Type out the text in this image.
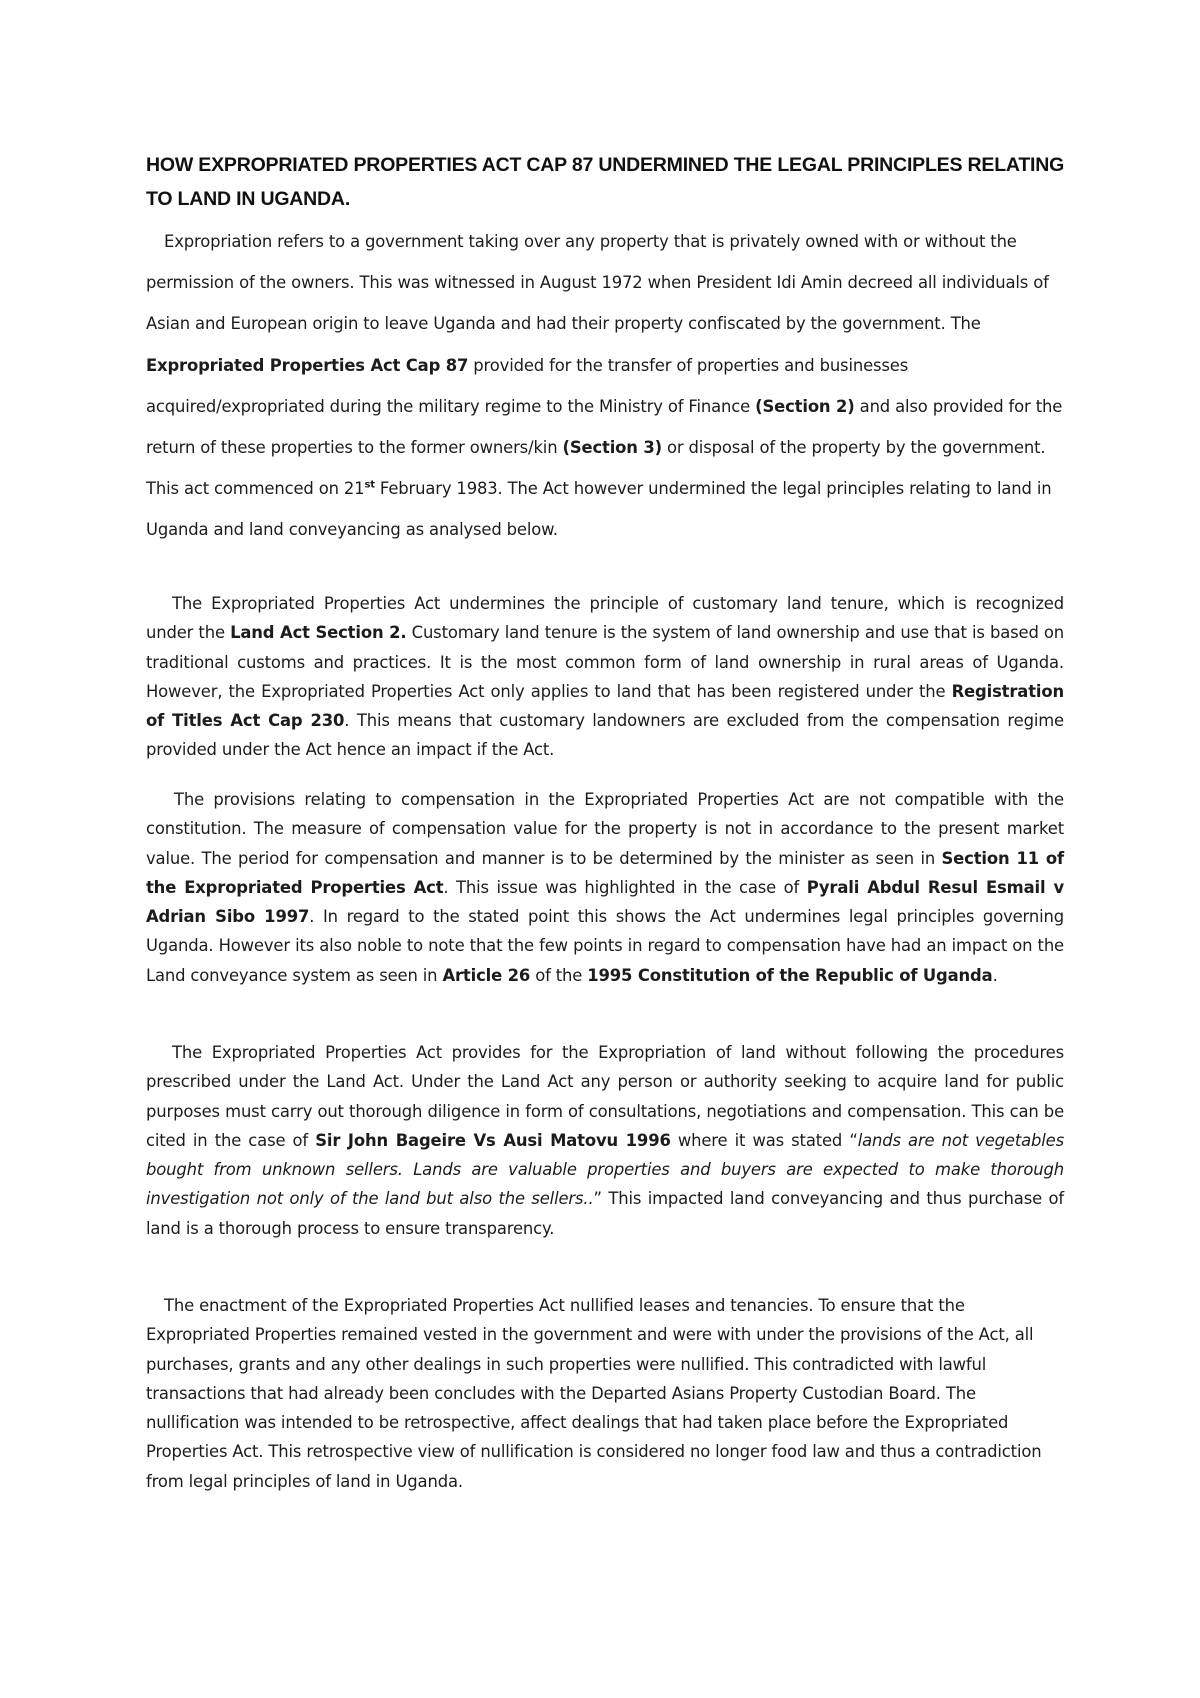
HOW EXPROPRIATED PROPERTIES ACT CAP 87 UNDERMINED THE LEGAL PRINCIPLES RELATING TO LAND IN UGANDA.

Expropriation refers to a government taking over any property that is privately owned with or without the permission of the owners. This was witnessed in August 1972 when President Idi Amin decreed all individuals of Asian and European origin to leave Uganda and had their property confiscated by the government. The Expropriated Properties Act Cap 87 provided for the transfer of properties and businesses acquired/expropriated during the military regime to the Ministry of Finance (Section 2) and also provided for the return of these properties to the former owners/kin (Section 3) or disposal of the property by the government. This act commenced on 21st February 1983. The Act however undermined the legal principles relating to land in Uganda and land conveyancing as analysed below.

The Expropriated Properties Act undermines the principle of customary land tenure, which is recognized under the Land Act Section 2. Customary land tenure is the system of land ownership and use that is based on traditional customs and practices. It is the most common form of land ownership in rural areas of Uganda. However, the Expropriated Properties Act only applies to land that has been registered under the Registration of Titles Act Cap 230. This means that customary landowners are excluded from the compensation regime provided under the Act hence an impact if the Act.

The provisions relating to compensation in the Expropriated Properties Act are not compatible with the constitution. The measure of compensation value for the property is not in accordance to the present market value. The period for compensation and manner is to be determined by the minister as seen in Section 11 of the Expropriated Properties Act. This issue was highlighted in the case of Pyrali Abdul Resul Esmail v Adrian Sibo 1997. In regard to the stated point this shows the Act undermines legal principles governing Uganda. However its also noble to note that the few points in regard to compensation have had an impact on the Land conveyance system as seen in Article 26 of the 1995 Constitution of the Republic of Uganda.

The Expropriated Properties Act provides for the Expropriation of land without following the procedures prescribed under the Land Act. Under the Land Act any person or authority seeking to acquire land for public purposes must carry out thorough diligence in form of consultations, negotiations and compensation. This can be cited in the case of Sir John Bageire Vs Ausi Matovu 1996 where it was stated “lands are not vegetables bought from unknown sellers. Lands are valuable properties and buyers are expected to make thorough investigation not only of the land but also the sellers..” This impacted land conveyancing and thus purchase of land is a thorough process to ensure transparency.

The enactment of the Expropriated Properties Act nullified leases and tenancies. To ensure that the Expropriated Properties remained vested in the government and were with under the provisions of the Act, all purchases, grants and any other dealings in such properties were nullified. This contradicted with lawful transactions that had already been concludes with the Departed Asians Property Custodian Board. The nullification was intended to be retrospective, affect dealings that had taken place before the Expropriated Properties Act. This retrospective view of nullification is considered no longer food law and thus a contradiction from legal principles of land in Uganda.
